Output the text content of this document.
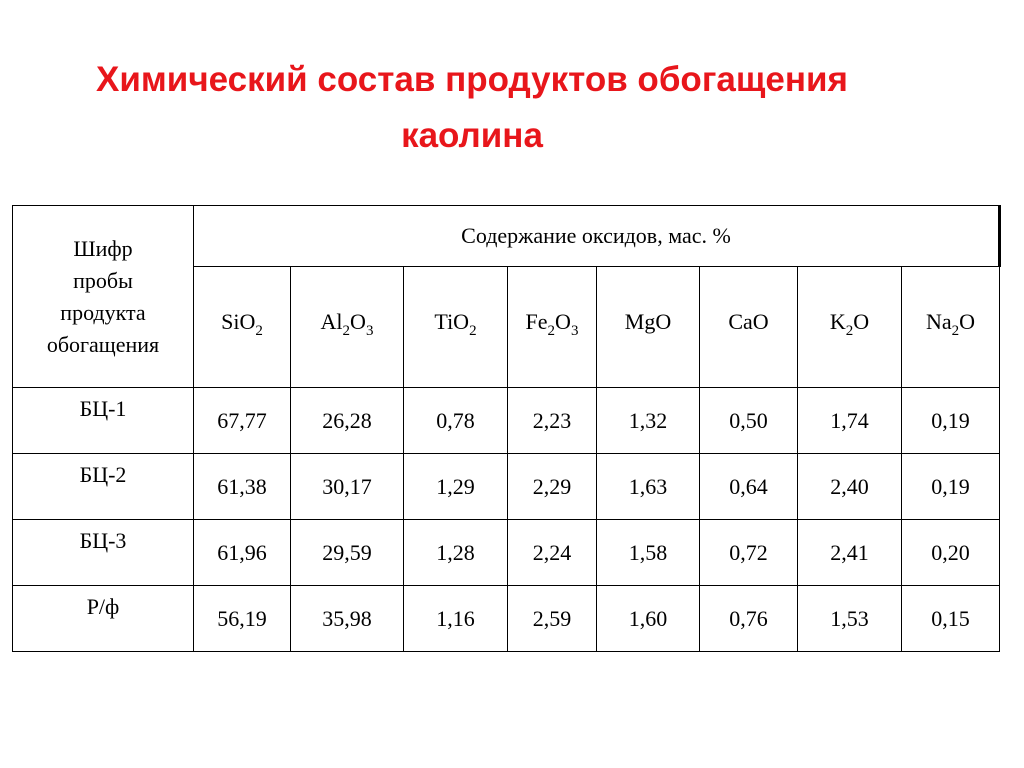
Химический состав продуктов обогащения
каолина
Шифр
пробы
продукта
обогащения	Содержание оксидов, мас. %							
	SiO$_2$	$Al_2O_3$	TiO$_2$	$Fe_2O_3$	MgO	CaO	$K_2O$	$Na_2O$
БЦ-1	67,77	26,28	0,78	2,23	1,32	0,50	1,74	0,19
БЦ-2	61,38	30,17	1,29	2,29	1,63	0,64	2,40	0,19
БЦ-3	61,96	29,59	1,28	2,24	1,58	0,72	2,41	0,20
Р/ф	56,19	35,98	1,16	2,59	1,60	0,76	1,53	0,15
